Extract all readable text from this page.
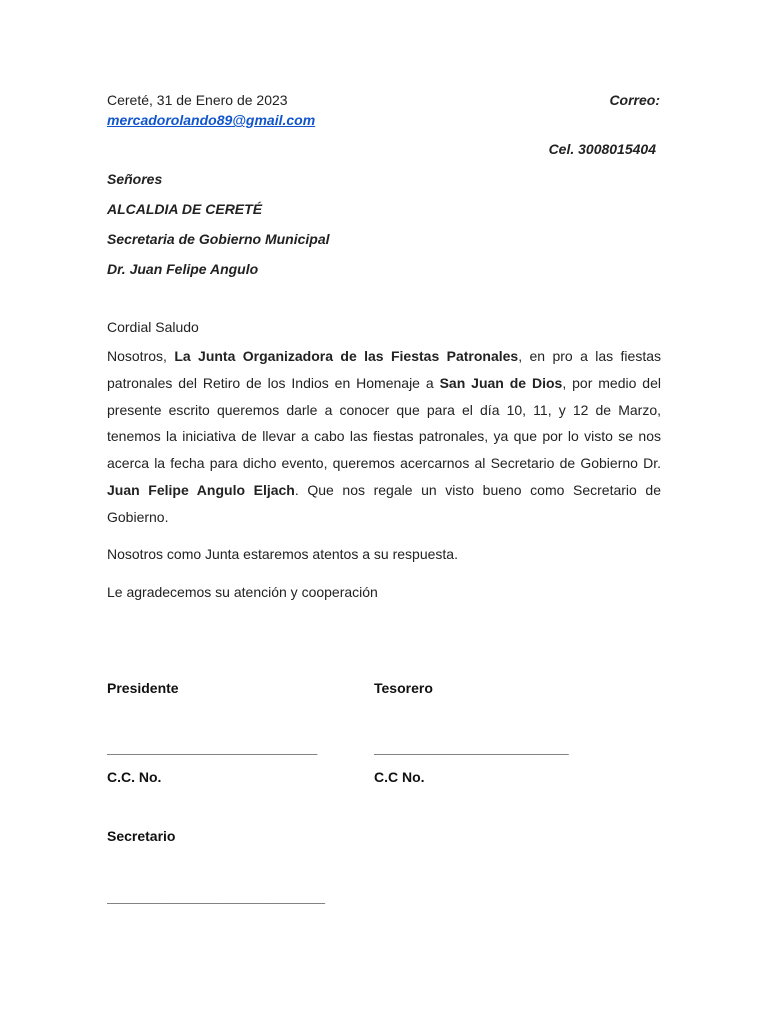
Cereté, 31 de Enero de 2023	Correo:
mercadorolando89@gmail.com
Cel. 3008015404
Señores
ALCALDIA DE CERETÉ
Secretaria de Gobierno Municipal
Dr. Juan Felipe Angulo
Cordial Saludo
Nosotros, La Junta Organizadora de las Fiestas Patronales, en pro a las fiestas patronales del Retiro de los Indios en Homenaje a San Juan de Dios, por medio del presente escrito queremos darle a conocer que para el día 10, 11, y 12 de Marzo, tenemos la iniciativa de llevar a cabo las fiestas patronales, ya que por lo visto se nos acerca la fecha para dicho evento, queremos acercarnos al Secretario de Gobierno Dr. Juan Felipe Angulo Eljach. Que nos regale un visto bueno como Secretario de Gobierno.
Nosotros como Junta estaremos atentos a su respuesta.
Le agradecemos su atención y cooperación
Presidente	Tesorero
___________________________	_________________________
C.C. No.	C.C No.
Secretario
____________________________
